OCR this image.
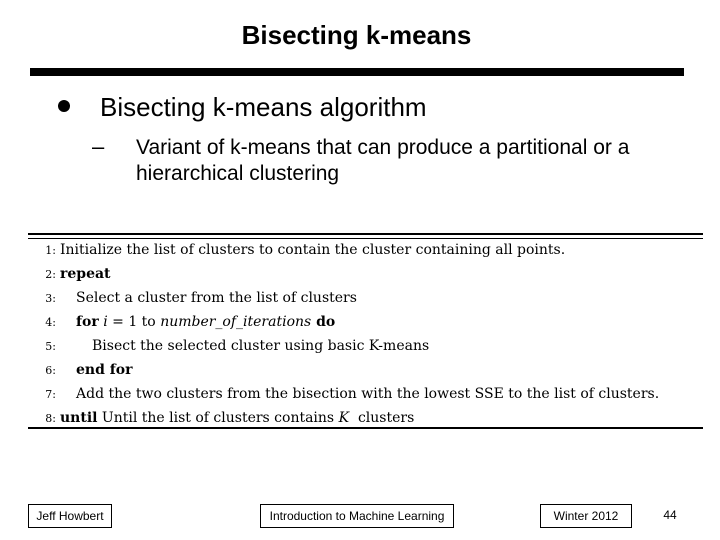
Bisecting k-means
Bisecting k-means algorithm
– Variant of k-means that can produce a partitional or a hierarchical clustering
1: Initialize the list of clusters to contain the cluster containing all points.
2: repeat
3: Select a cluster from the list of clusters
4: for i = 1 to number_of_iterations do
5:	Bisect the selected cluster using basic K-means
6: end for
7: Add the two clusters from the bisection with the lowest SSE to the list of clusters.
8: until Until the list of clusters contains K  clusters
Jeff Howbert	Introduction to Machine Learning	Winter 2012	44
